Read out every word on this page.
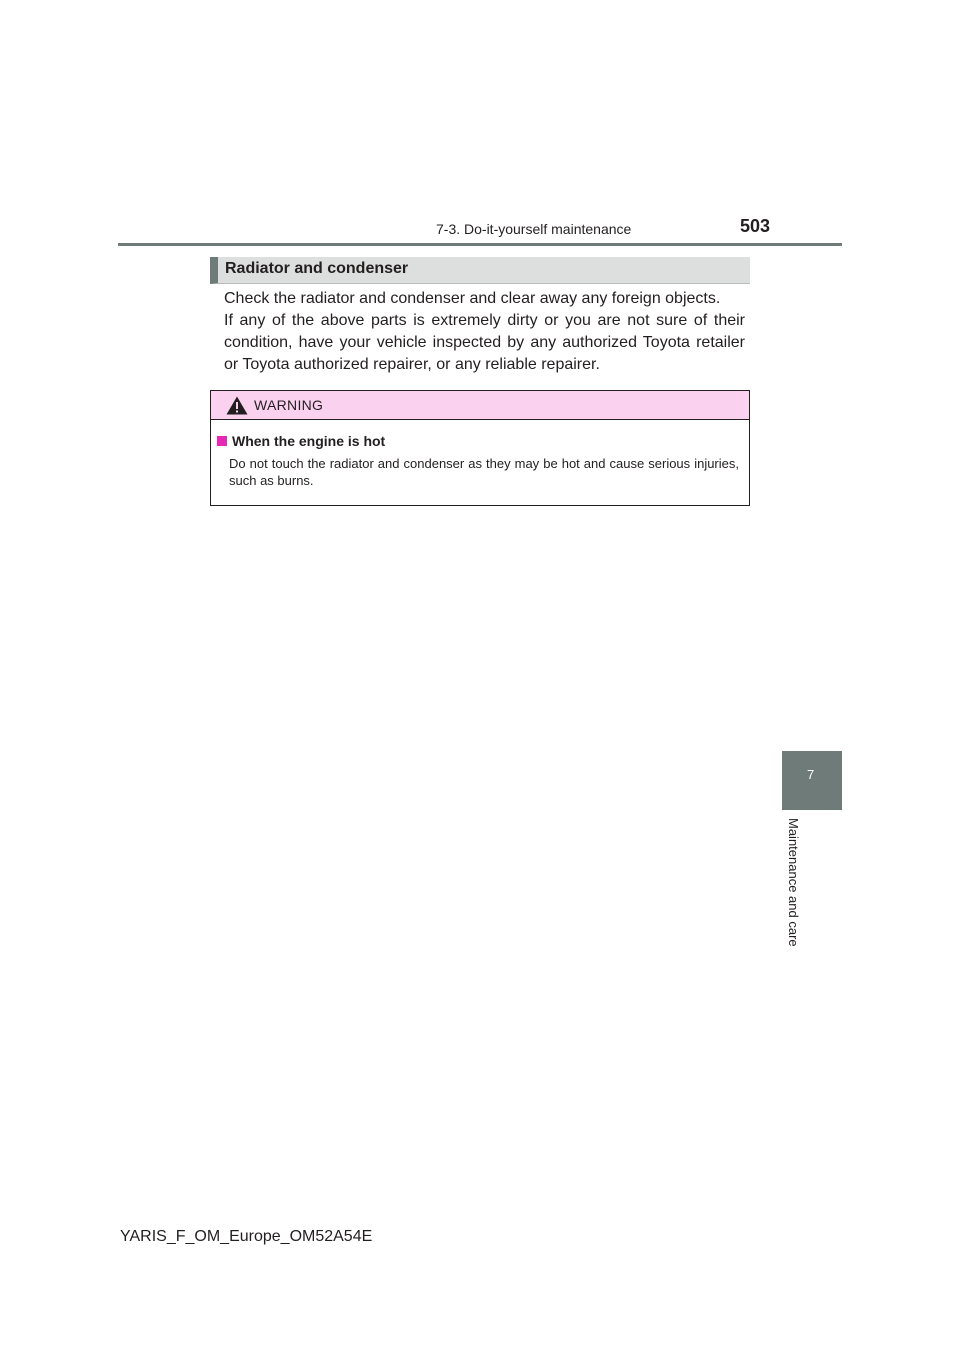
7-3. Do-it-yourself maintenance	503
Radiator and condenser

Check the radiator and condenser and clear away any foreign objects.

If any of the above parts is extremely dirty or you are not sure of their condition, have your vehicle inspected by any authorized Toyota retailer or Toyota authorized repairer, or any reliable repairer.

WARNING
When the engine is hot
Do not touch the radiator and condenser as they may be hot and cause serious injuries, such as burns.
7
Maintenance and care
YARIS_F_OM_Europe_OM52A54E
